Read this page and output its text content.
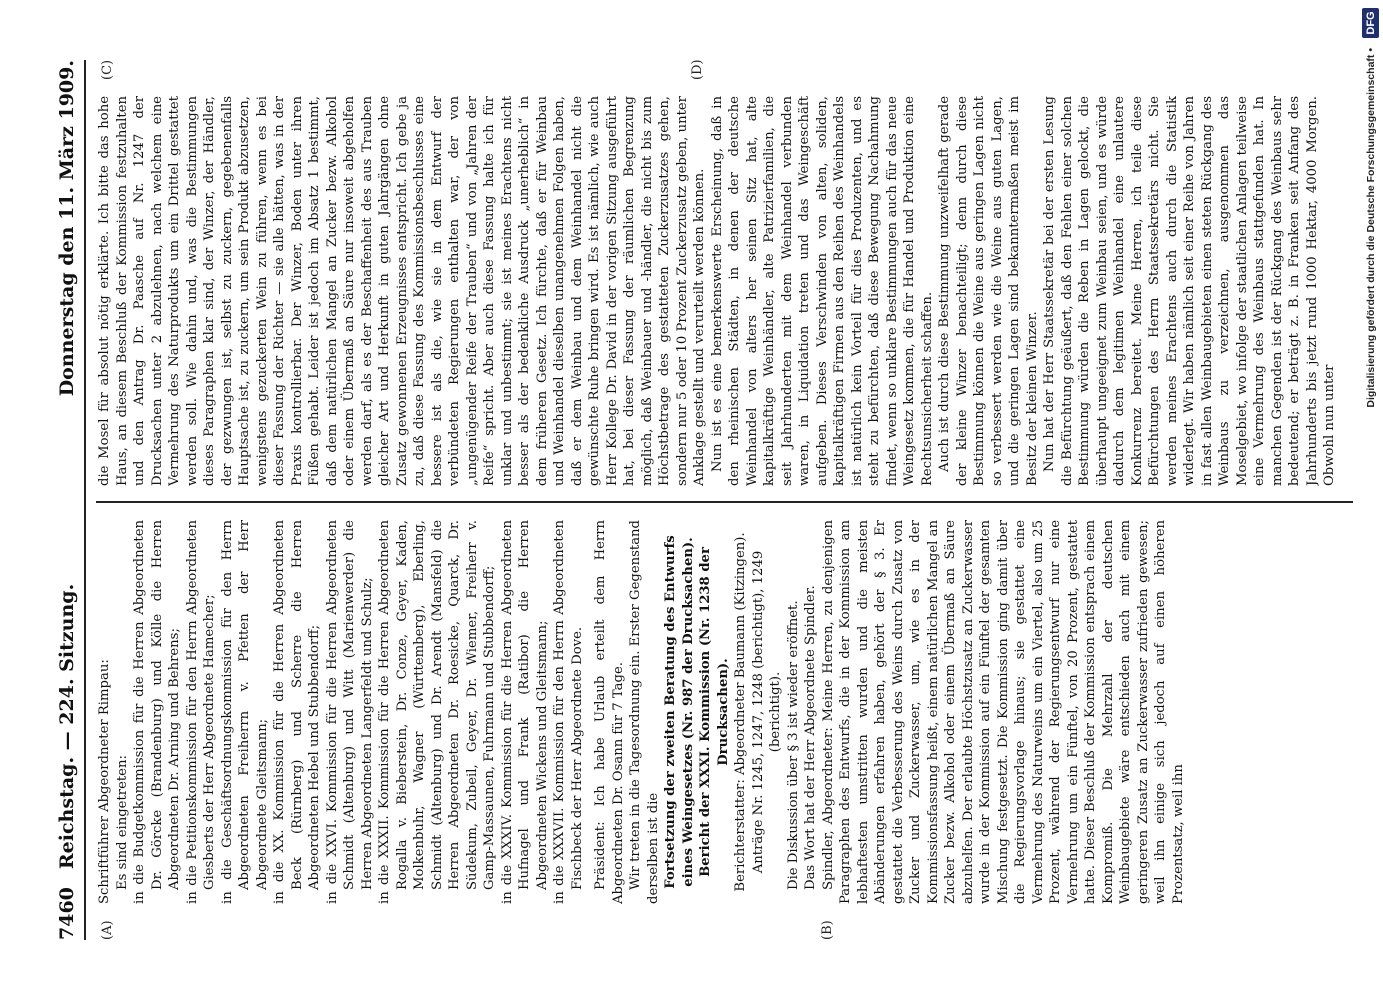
7460
Reichstag. — 224. Sitzung.
Donnerstag den 11. März 1909.
(A)	(B)
(C)	(D)

Schriftführer Abgeordneter Rimpau: Es sind eingetreten: in die Budgetkommission für die Herren Abgeordneten Dr. Görcke (Brandenburg) und Kölle die Herren Abgeordneten Dr. Arning und Behrens; in die Petitionskommission für den Herrn Abgeordneten Giesberts der Herr Abgeordnete Hamecher; in die Geschäftsordnungskommission für den Herrn Abgeordneten Freiherrn v. Pfetten der Herr Abgeordnete Gleitsmann; in die XX. Kommission für die Herren Abgeordneten Beck (Rürnberg) und Scherre die Herren Abgeordneten Hebel und Stubbendorff; in die XXVI. Kommission für die Herren Abgeordneten Schmidt (Altenburg) und Witt (Marienwerder) die Herren Abgeordneten Langerfeldt und Schulz; in die XXXII. Kommission für die Herren Abgeordneten Rogalla v. Bieberstein, Dr. Conze, Geyer, Kaden, Molkenbuhr, Wagner (Württemberg), Eberling, Schmidt (Altenburg) und Dr. Arendt (Mansfeld) die Herren Abgeordneten Dr. Roesicke, Quarck, Dr. Südekum, Zubeil, Geyer, Dr. Wiemer, Freiherr v. Gamp-Massaunen, Fuhrmann und Stubbendorff; in die XXXIV. Kommission für die Herren Abgeordneten Hufnagel und Frank (Ratibor) die Herren Abgeordneten Wickens und Gleitsmann; in die XXXVII. Kommission für den Herrn Abgeordneten Fischbeck der Herr Abgeordnete Dove. Präsident: Ich habe Urlaub erteilt dem Herrn Abgeordneten Dr. Osann für 7 Tage. Wir treten in die Tagesordnung ein. Erster Gegenstand derselben ist die Fortsetzung der zweiten Beratung des Entwurfs eines Weingesetzes (Nr. 987 der Drucksachen). Bericht der XXXI. Kommission (Nr. 1238 der Drucksachen). Berichterstatter: Abgeordneter Baumann (Kitzingen). Anträge Nr. 1245, 1247, 1248 (berichtigt), 1249 (berichtigt). Die Diskussion über § 3 ist wieder eröffnet. Das Wort hat der Herr Abgeordnete Spindler. Spindler, Abgeordneter: Meine Herren, zu denjenigen Paragraphen des Entwurfs, die in der Kommission am lebhaftesten umstritten wurden und die meisten Abänderungen erfahren haben, gehört der § 3. Er gestattet die Verbesserung des Weins durch Zusatz von Zucker und Zuckerwasser, um, wie es in der Kommissionsfassung heißt, einem natürlichen Mangel an Zucker bezw. Alkohol oder einem Übermaß an Säure abzuhelfen. Der erlaubte Höchstzusatz an Zuckerwasser wurde in der Kommission auf ein Fünftel der gesamten Mischung festgesetzt. Die Kommission ging damit über die Regierungsvorlage hinaus; sie gestattet eine Vermehrung des Naturweins um ein Viertel, also um 25 Prozent, während der Regierungsentwurf nur eine Vermehrung um ein Fünftel, von 20 Prozent, gestattet hatte. Dieser Beschluß der Kommission entsprach einem Kompromiß. Die Mehrzahl der deutschen Weinbaugebiete wäre entschieden auch mit einem geringeren Zusatz an Zuckerwasser zufrieden gewesen; weil ihn einige sich jedoch auf einen höheren Prozentsatz, weil ihn

die Mosel für absolut nötig erklärte. Ich bitte das hohe Haus, an diesem Beschluß der Kommission festzuhalten und den Antrag Dr. Paasche auf Nr. 1247 der Drucksachen unter 2 abzulehnen, nach welchem eine Vermehrung des Naturprodukts um ein Drittel gestattet werden soll. Wie dahin und, was die Bestimmungen dieses Paragraphen klar sind, der Winzer, der Händler, der gezwungen ist, selbst zu zuckern, gegebenenfalls Hauptsache ist, zu zuckern, um sein Produkt abzusetzen, wenigstens gezuckerten Wein zu führen, wenn es bei dieser Fassung der Richter — sie alle hätten, was in der Praxis kontrollierbar. Der Winzer, Boden unter ihren Füßen gehabt. Leider ist jedoch im Absatz 1 bestimmt, daß dem natürlichen Mangel an Zucker bezw. Alkohol oder einem Übermaß an Säure nur insoweit abgeholfen werden darf, als es der Beschaffenheit des aus Trauben gleicher Art und Herkunft in guten Jahrgängen ohne Zusatz gewonnenen Erzeugnisses entspricht. Ich gebe ja zu, daß diese Fassung des Kommissionsbeschlusses eine bessere ist als die, wie sie in dem Entwurf der verbündeten Regierungen enthalten war, der von „ungenügender Reife der Trauben“ und von „Jahren der Reife“ spricht. Aber auch diese Fassung halte ich für unklar und unbestimmt; sie ist meines Erachtens nicht besser als der bedenkliche Ausdruck „unerheblich“ in dem früheren Gesetz. Ich fürchte, daß er für Weinbau und Weinhandel dieselben unangenehmen Folgen haben, daß er dem Weinbau und dem Weinhandel nicht die gewünschte Ruhe bringen wird. Es ist nämlich, wie auch Herr Kollege Dr. David in der vorigen Sitzung ausgeführt hat, bei dieser Fassung der räumlichen Begrenzung möglich, daß Weinbauer und -händler, die nicht bis zum Höchstbetrage des gestatteten Zuckerzusatzes gehen, sondern nur 5 oder 10 Prozent Zuckerzusatz geben, unter Anklage gestellt und verurteilt werden können. Nun ist es eine bemerkenswerte Erscheinung, daß in den rheinischen Städten, in denen der deutsche Weinhandel von alters her seinen Sitz hat, alte kapitalkräftige Weinhändler, alte Patrizierfamilien, die seit Jahrhunderten mit dem Weinhandel verbunden waren, in Liquidation treten und das Weingeschäft aufgeben. Dieses Verschwinden von alten, soliden, kapitalkräftigen Firmen aus den Reihen des Weinhandels ist natürlich kein Vorteil für dies Produzenten, und es steht zu befürchten, daß diese Bewegung Nachahmung findet, wenn so unklare Bestimmungen auch für das neue Weingesetz kommen, die für Handel und Produktion eine Rechtsunsicherheit schaffen. Auch ist durch diese Bestimmung unzweifelhaft gerade der kleine Winzer benachteiligt; denn durch diese Bestimmung können die Weine aus geringen Lagen nicht so verbessert werden wie die Weine aus guten Lagen, und die geringen Lagen sind bekanntermaßen meist im Besitz der kleinen Winzer. Nun hat der Herr Staatssekretär bei der ersten Lesung die Befürchtung geäußert, daß den Fehlen einer solchen Bestimmung würden die Reben in Lagen gelockt, die überhaupt ungeeignet zum Weinbau seien, und es würde dadurch dem legitimen Weinhandel eine unlautere Konkurrenz bereitet. Meine Herren, ich teile diese Befürchtungen des Herrn Staatssekretärs nicht. Sie werden meines Erachtens auch durch die Statistik widerlegt. Wir haben nämlich seit einer Reihe von Jahren in fast allen Weinbaugebieten einen steten Rückgang des Weinbaus zu verzeichnen, ausgenommen das Moselgebiet, wo infolge der staatlichen Anlagen teilweise eine Vermehrung des Weinbaus stattgefunden hat. In manchen Gegenden ist der Rückgang des Weinbaus sehr bedeutend; er beträgt z. B. in Franken seit Anfang des Jahrhunderts bis jetzt rund 1000 Hektar, 4000 Morgen. Obwohl nun unter

Digitalisierung gefördert durch die Deutsche Forschungsgemeinschaft •
DFG
